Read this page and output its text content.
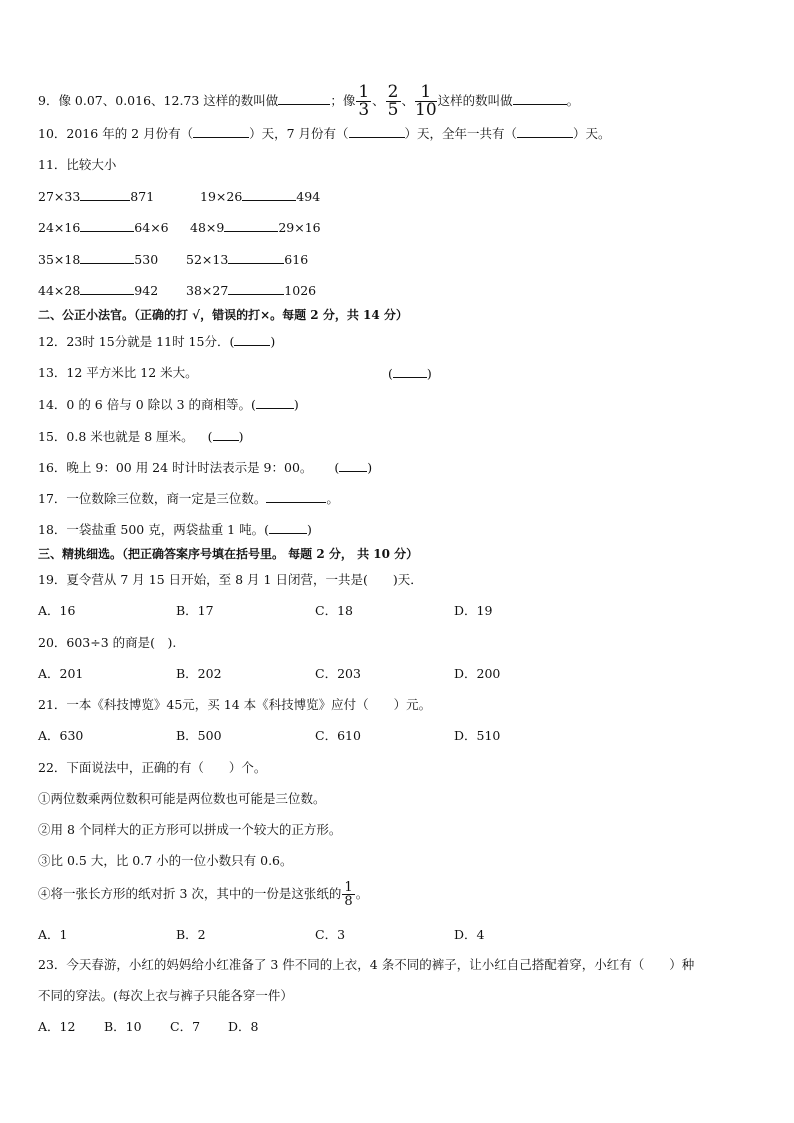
9．像 0.07、0.016、12.73 这样的数叫做	；像 $\frac{1}{3}$ 、 $\frac{2}{5}$ 、 $\frac{1}{10}$ 这样的数叫做	。
10．2016 年的 2 月份有（	）天，7 月份有（	）天，全年一共有（	）天。
11．比较大小
27×33	871	19×26	494
24×16	64×6 48×9	29×16
35×18	530 52×13	616
44×28	942 38×27	1026
二、公正小法官。（正确的打 √，错误的打×。每题 2 分，共 14 分）
12．23时 15分就是 11时 15分．(	)
13．12 平方米比 12 米大。	(	)
14．0 的 6 倍与 0 除以 3 的商相等。(	)
15．0.8 米也就是 8 厘米。 ( )
16．晚上 9：00 用 24 时计时法表示是 9：00。 ( )
17．一位数除三位数，商一定是三位数。	。
18．一袋盐重 500 克，两袋盐重 1 吨。(	)
三、精挑细选。（把正确答案序号填在括号里。 每题 2 分， 共 10 分）
19．夏令营从 7 月 15 日开始，至 8 月 1 日闭营，一共是(　　)天．
A．16	B．17	C．18	D．19
20．603÷3 的商是(　).
A．201	B．202	C．203	D．200
21．一本《科技博览》45元，买 14 本《科技博览》应付（　　）元。
A．630	B．500	C．610	D．510
22．下面说法中，正确的有（　　）个。
①两位数乘两位数积可能是两位数也可能是三位数。
②用 8 个同样大的正方形可以拼成一个较大的正方形。
③比 0.5 大，比 0.7 小的一位小数只有 0.6。
④将一张长方形的纸对折 3 次，其中的一份是这张纸的 $\frac{1}{8}$ 。
A．1	B．2	C．3	D．4
23．今天春游，小红的妈妈给小红准备了 3 件不同的上衣，4 条不同的裤子，让小红自己搭配着穿，小红有（　　）种
不同的穿法。(每次上衣与裤子只能各穿一件）
A．12 B．10 C．7 D．8
